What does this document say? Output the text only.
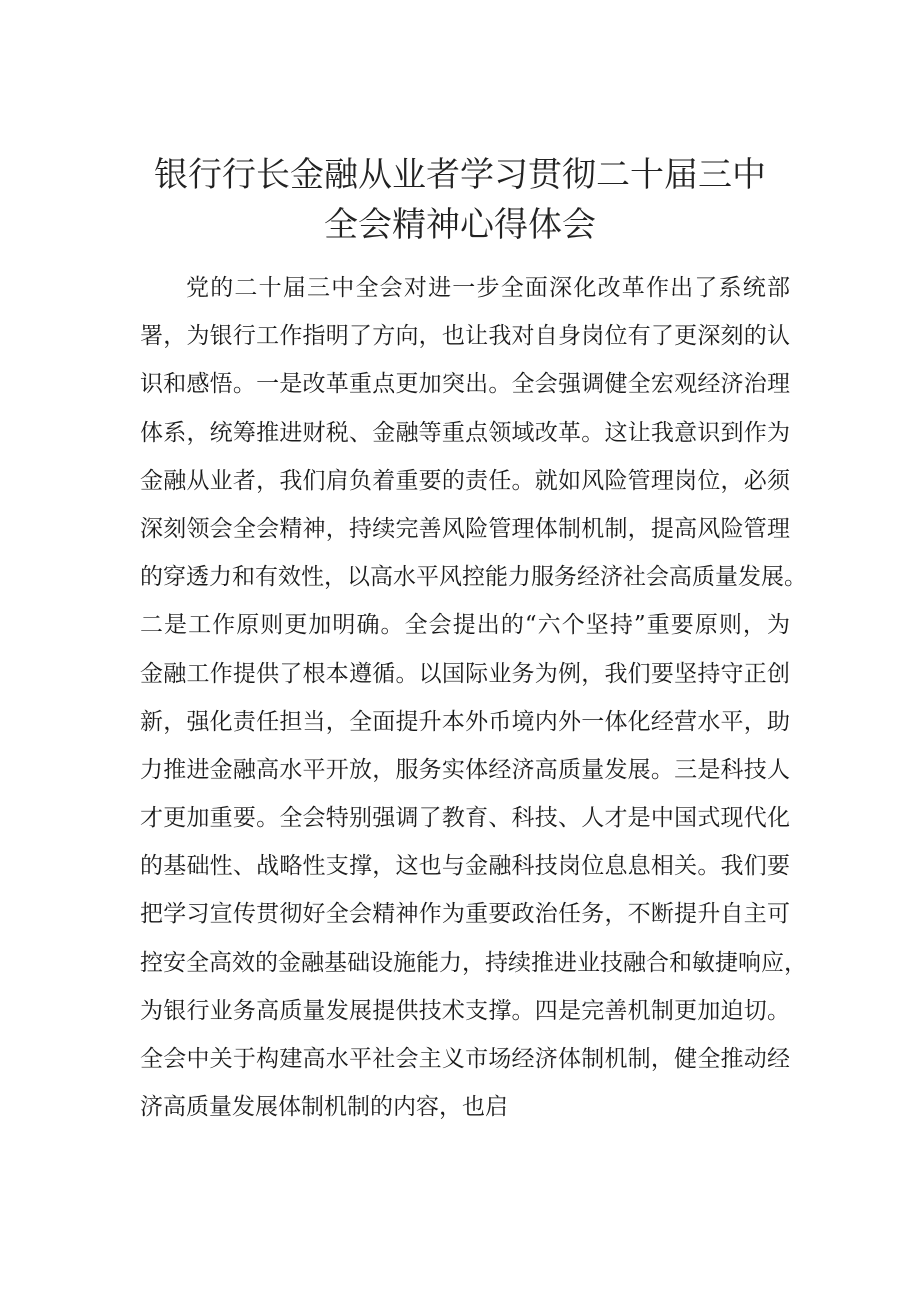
银行行长金融从业者学习贯彻二十届三中
全会精神心得体会
党的二十届三中全会对进一步全面深化改革作出了系统部
署，为银行工作指明了方向，也让我对自身岗位有了更深刻的认
识和感悟。一是改革重点更加突出。全会强调健全宏观经济治理
体系，统筹推进财税、金融等重点领域改革。这让我意识到作为
金融从业者，我们肩负着重要的责任。就如风险管理岗位，必须
深刻领会全会精神，持续完善风险管理体制机制，提高风险管理
的穿透力和有效性，以高水平风控能力服务经济社会高质量发展。
二是工作原则更加明确。全会提出的“六个坚持”重要原则，为
金融工作提供了根本遵循。以国际业务为例，我们要坚持守正创
新，强化责任担当，全面提升本外币境内外一体化经营水平，助
力推进金融高水平开放，服务实体经济高质量发展。三是科技人
才更加重要。全会特别强调了教育、科技、人才是中国式现代化
的基础性、战略性支撑，这也与金融科技岗位息息相关。我们要
把学习宣传贯彻好全会精神作为重要政治任务，不断提升自主可
控安全高效的金融基础设施能力，持续推进业技融合和敏捷响应，
为银行业务高质量发展提供技术支撑。四是完善机制更加迫切。
全会中关于构建高水平社会主义市场经济体制机制，健全推动经
济高质量发展体制机制的内容，也启
